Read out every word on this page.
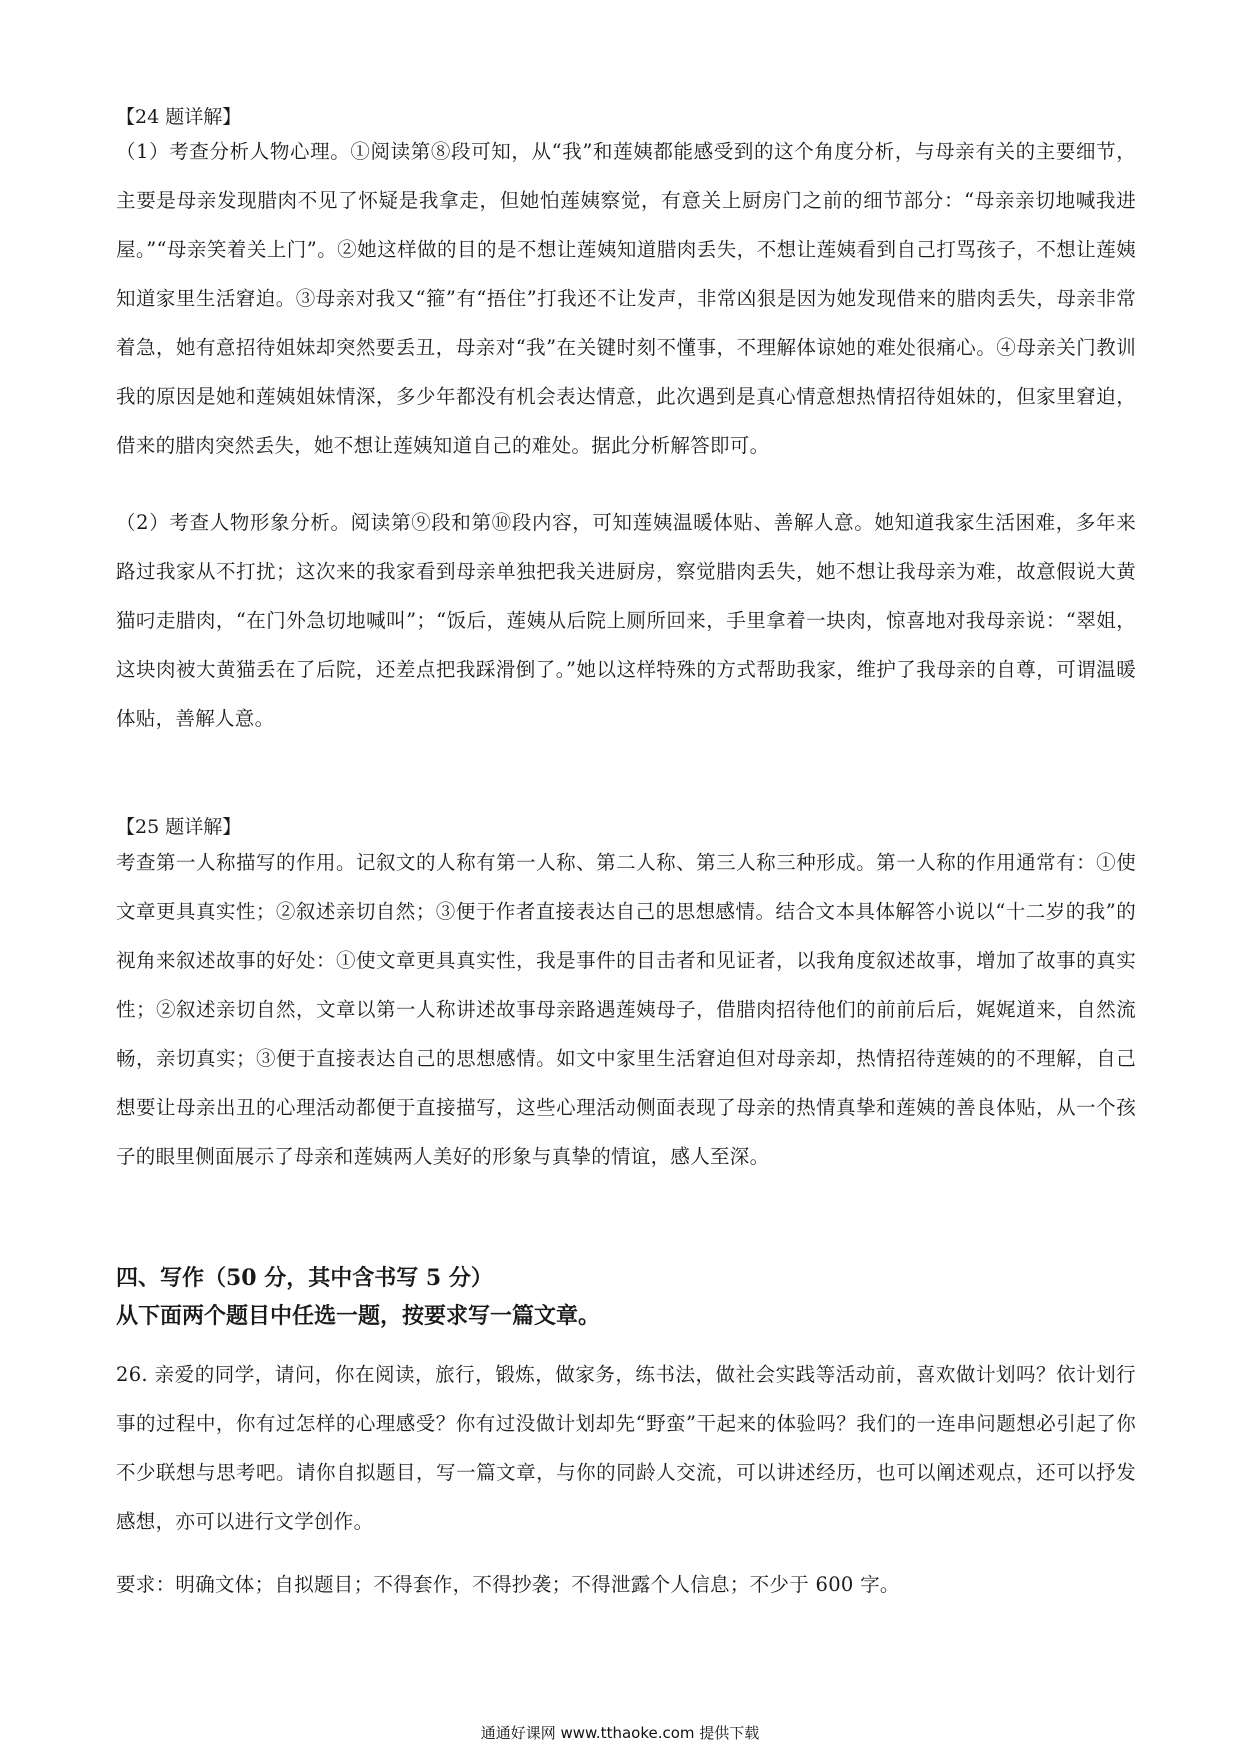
【24 题详解】

（1）考查分析人物心理。①阅读第⑧段可知，从“我”和莲姨都能感受到的这个角度分析，与母亲有关的主要细节，主要是母亲发现腊肉不见了怀疑是我拿走，但她怕莲姨察觉，有意关上厨房门之前的细节部分：“母亲亲切地喊我进屋。”“母亲笑着关上门”。②她这样做的目的是不想让莲姨知道腊肉丢失，不想让莲姨看到自己打骂孩子，不想让莲姨知道家里生活窘迫。③母亲对我又“箍”有“捂住”打我还不让发声，非常凶狠是因为她发现借来的腊肉丢失，母亲非常着急，她有意招待姐妹却突然要丢丑，母亲对“我”在关键时刻不懂事，不理解体谅她的难处很痛心。④母亲关门教训我的原因是她和莲姨姐妹情深，多少年都没有机会表达情意，此次遇到是真心情意想热情招待姐妹的，但家里窘迫，借来的腊肉突然丢失，她不想让莲姨知道自己的难处。据此分析解答即可。

（2）考查人物形象分析。阅读第⑨段和第⑩段内容，可知莲姨温暖体贴、善解人意。她知道我家生活困难，多年来路过我家从不打扰；这次来的我家看到母亲单独把我关进厨房，察觉腊肉丢失，她不想让我母亲为难，故意假说大黄猫叼走腊肉，“在门外急切地喊叫”；“饭后，莲姨从后院上厕所回来，手里拿着一块肉，惊喜地对我母亲说：“翠姐，这块肉被大黄猫丢在了后院，还差点把我踩滑倒了。”她以这样特殊的方式帮助我家，维护了我母亲的自尊，可谓温暖体贴，善解人意。

【25 题详解】

考查第一人称描写的作用。记叙文的人称有第一人称、第二人称、第三人称三种形成。第一人称的作用通常有：①使文章更具真实性；②叙述亲切自然；③便于作者直接表达自己的思想感情。结合文本具体解答小说以“十二岁的我”的视角来叙述故事的好处：①使文章更具真实性，我是事件的目击者和见证者，以我角度叙述故事，增加了故事的真实性；②叙述亲切自然，文章以第一人称讲述故事母亲路遇莲姨母子，借腊肉招待他们的前前后后，娓娓道来，自然流畅，亲切真实；③便于直接表达自己的思想感情。如文中家里生活窘迫但对母亲却，热情招待莲姨的的不理解，自己想要让母亲出丑的心理活动都便于直接描写，这些心理活动侧面表现了母亲的热情真挚和莲姨的善良体贴，从一个孩子的眼里侧面展示了母亲和莲姨两人美好的形象与真挚的情谊，感人至深。

四、写作（50 分，其中含书写 5 分）

从下面两个题目中任选一题，按要求写一篇文章。

26. 亲爱的同学，请问，你在阅读，旅行，锻炼，做家务，练书法，做社会实践等活动前，喜欢做计划吗？依计划行事的过程中，你有过怎样的心理感受？你有过没做计划却先“野蛮”干起来的体验吗？我们的一连串问题想必引起了你不少联想与思考吧。请你自拟题目，写一篇文章，与你的同龄人交流，可以讲述经历，也可以阐述观点，还可以抒发感想，亦可以进行文学创作。

要求：明确文体；自拟题目；不得套作，不得抄袭；不得泄露个人信息；不少于 600 字。

通通好课网 www.tthaoke.com 提供下载
